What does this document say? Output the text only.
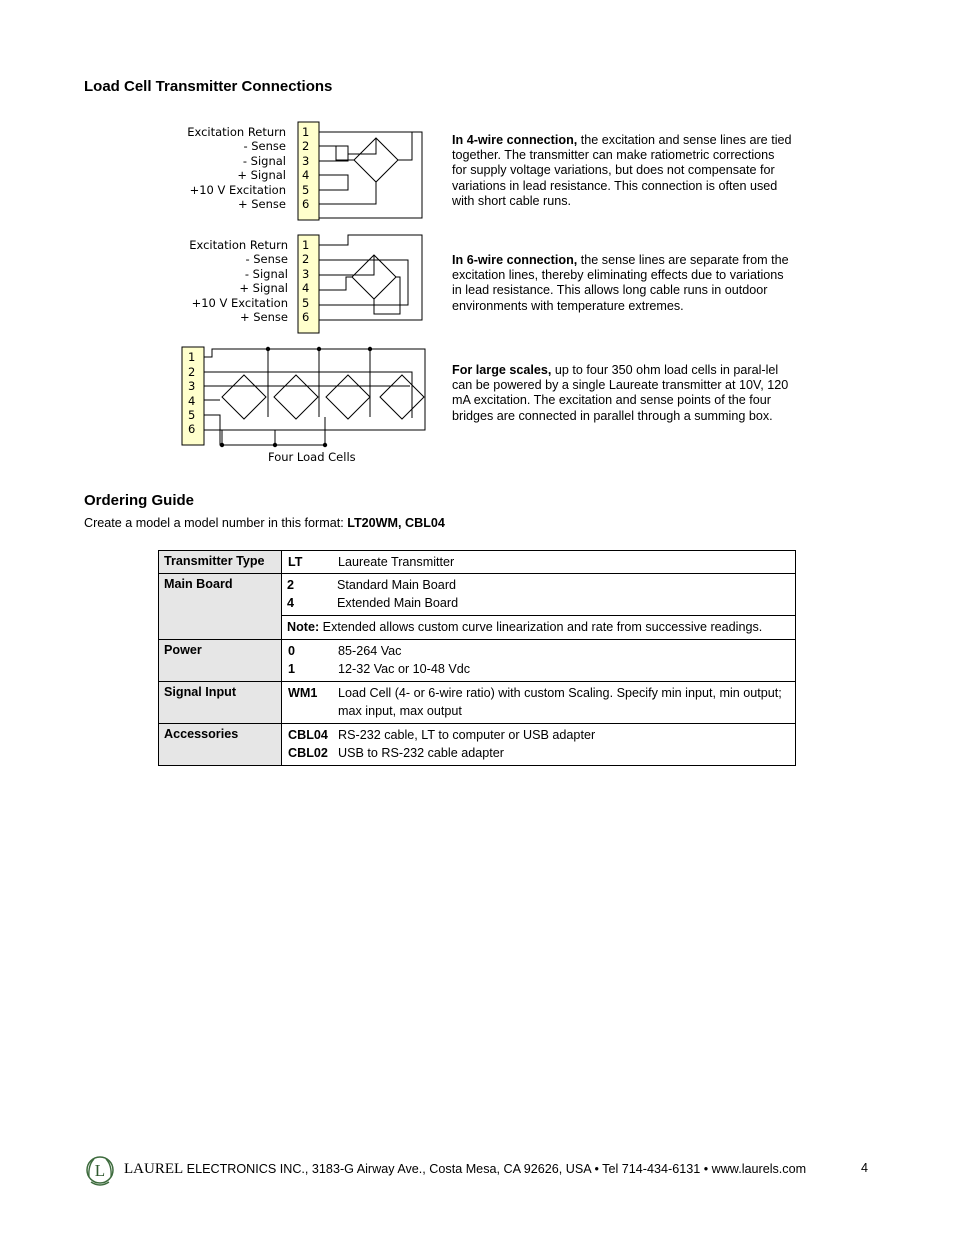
Load Cell Transmitter Connections
Excitation Return
- Sense
- Signal
+ Signal
+10 V Excitation
+ Sense
1
2
3
4
5
6
In 4-wire connection, the excitation and sense lines are tied together. The transmitter can make ratiometric corrections for supply voltage variations, but does not compensate for variations in lead resistance. This connection is often used with short cable runs.
Excitation Return
- Sense
- Signal
+ Signal
+10 V Excitation
+ Sense
1
2
3
4
5
6
In 6-wire connection, the sense lines are separate from the excitation lines, thereby eliminating effects due to variations in lead resistance. This allows long cable runs in outdoor environments with temperature extremes.
1
2
3
4
5
6
Four Load Cells
For large scales, up to four 350 ohm load cells in paral-lel can be powered by a single Laureate transmitter at 10V, 120 mA excitation. The excitation and sense points of the four bridges are connected in parallel through a summing box.
Ordering Guide
Create a model a model number in this format: LT20WM, CBL04
Transmitter Type	LT Laureate Transmitter

Main Board	2 Standard Main Board
4 Extended Main Board
Note: Extended allows custom curve linearization and rate from successive readings.

Power	0 85-264 Vac
1 12-32 Vac or 10-48 Vdc

Signal Input	WM1 Load Cell (4- or 6-wire ratio) with custom Scaling. Specify min input, min output; max input, max output

Accessories	CBL04 RS-232 cable, LT to computer or USB adapter
CBL02 USB to RS-232 cable adapter
L LAUREL ELECTRONICS INC., 3183-G Airway Ave., Costa Mesa, CA 92626, USA • Tel 714-434-6131 • www.laurels.com	4
